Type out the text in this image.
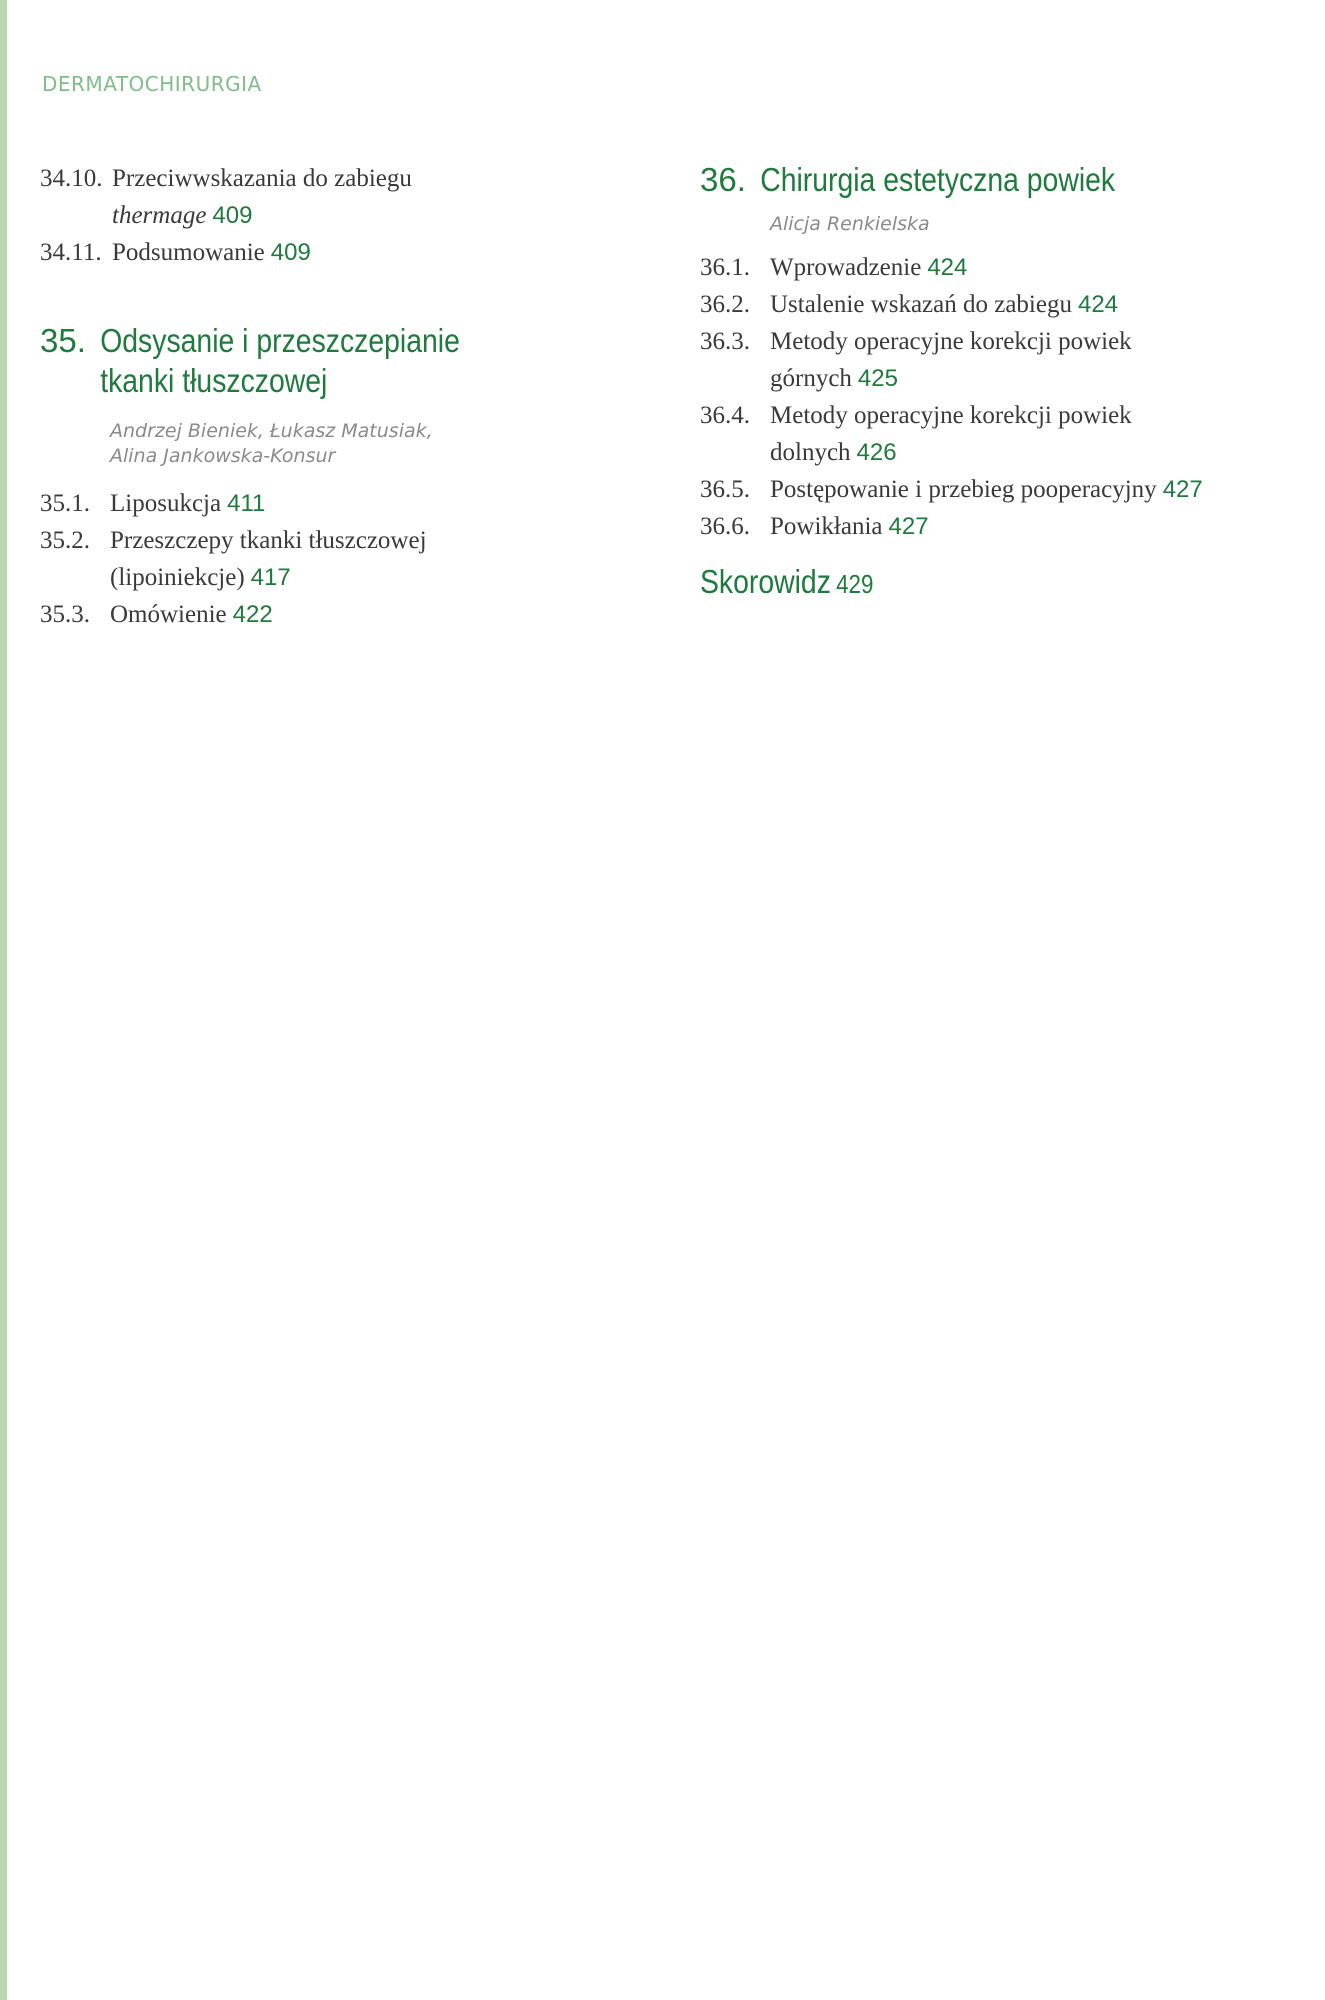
DERMATOCHIRURGIA
34.10. Przeciwwskazania do zabiegu
thermage 409
34.11. Podsumowanie 409
35. Odsysanie i przeszczepianie
tkanki tłuszczowej
Andrzej Bieniek, Łukasz Matusiak,
Alina Jankowska-Konsur
35.1. Liposukcja 411
35.2. Przeszczepy tkanki tłuszczowej
(lipoiniekcje) 417
35.3. Omówienie 422
36. Chirurgia estetyczna powiek
Alicja Renkielska
36.1. Wprowadzenie 424
36.2. Ustalenie wskazań do zabiegu 424
36.3. Metody operacyjne korekcji powiek
górnych 425
36.4. Metody operacyjne korekcji powiek
dolnych 426
36.5. Postępowanie i przebieg pooperacyjny 427
36.6. Powikłania 427
Skorowidz 429
